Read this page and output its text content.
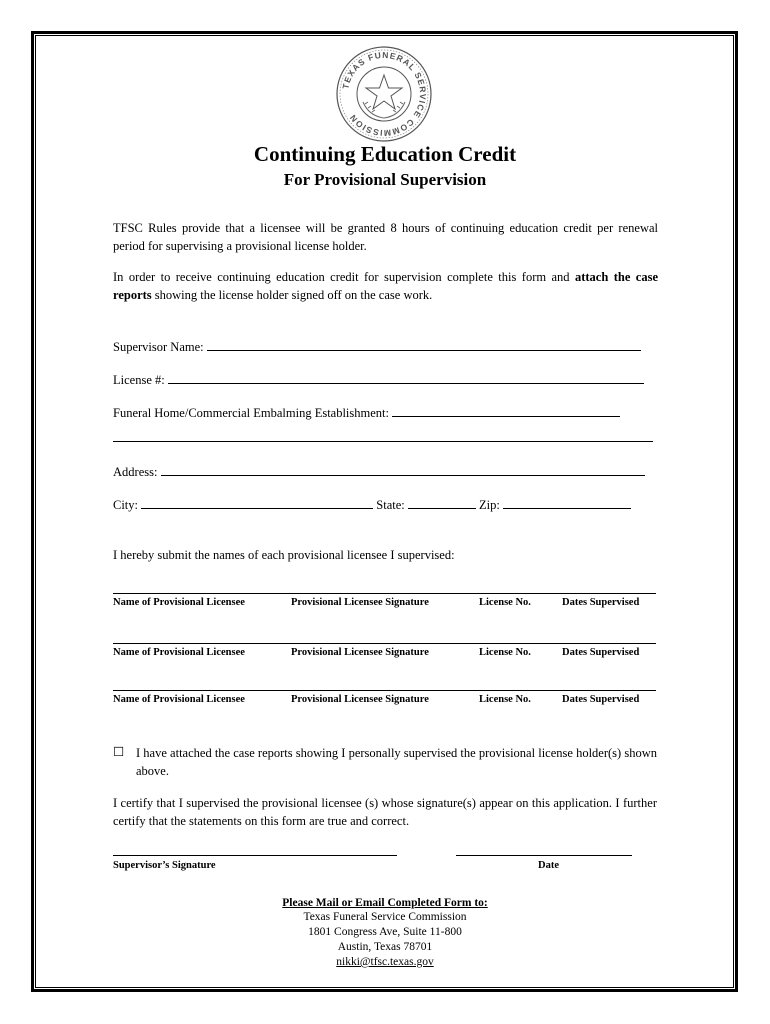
TEXAS FUNERAL SERVICE COMMISSION
Continuing Education Credit
For Provisional Supervision
TFSC Rules provide that a licensee will be granted 8 hours of continuing education credit per renewal period for supervising a provisional license holder.
In order to receive continuing education credit for supervision complete this form and attach the case reports showing the license holder signed off on the case work.
Supervisor Name:
License #:
Funeral Home/Commercial Embalming Establishment:
Address:
City:	State:	Zip:
I hereby submit the names of each provisional licensee I supervised:
Name of Provisional Licensee	Provisional Licensee Signature	License No.	Dates Supervised
Name of Provisional Licensee	Provisional Licensee Signature	License No.	Dates Supervised
Name of Provisional Licensee	Provisional Licensee Signature	License No.	Dates Supervised
☐ I have attached the case reports showing I personally supervised the provisional license holder(s) shown above.
I certify that I supervised the provisional licensee (s) whose signature(s) appear on this application. I further certify that the statements on this form are true and correct.
Supervisor’s Signature	Date
Please Mail or Email Completed Form to:
Texas Funeral Service Commission
1801 Congress Ave, Suite 11-800
Austin, Texas 78701
nikki@tfsc.texas.gov
